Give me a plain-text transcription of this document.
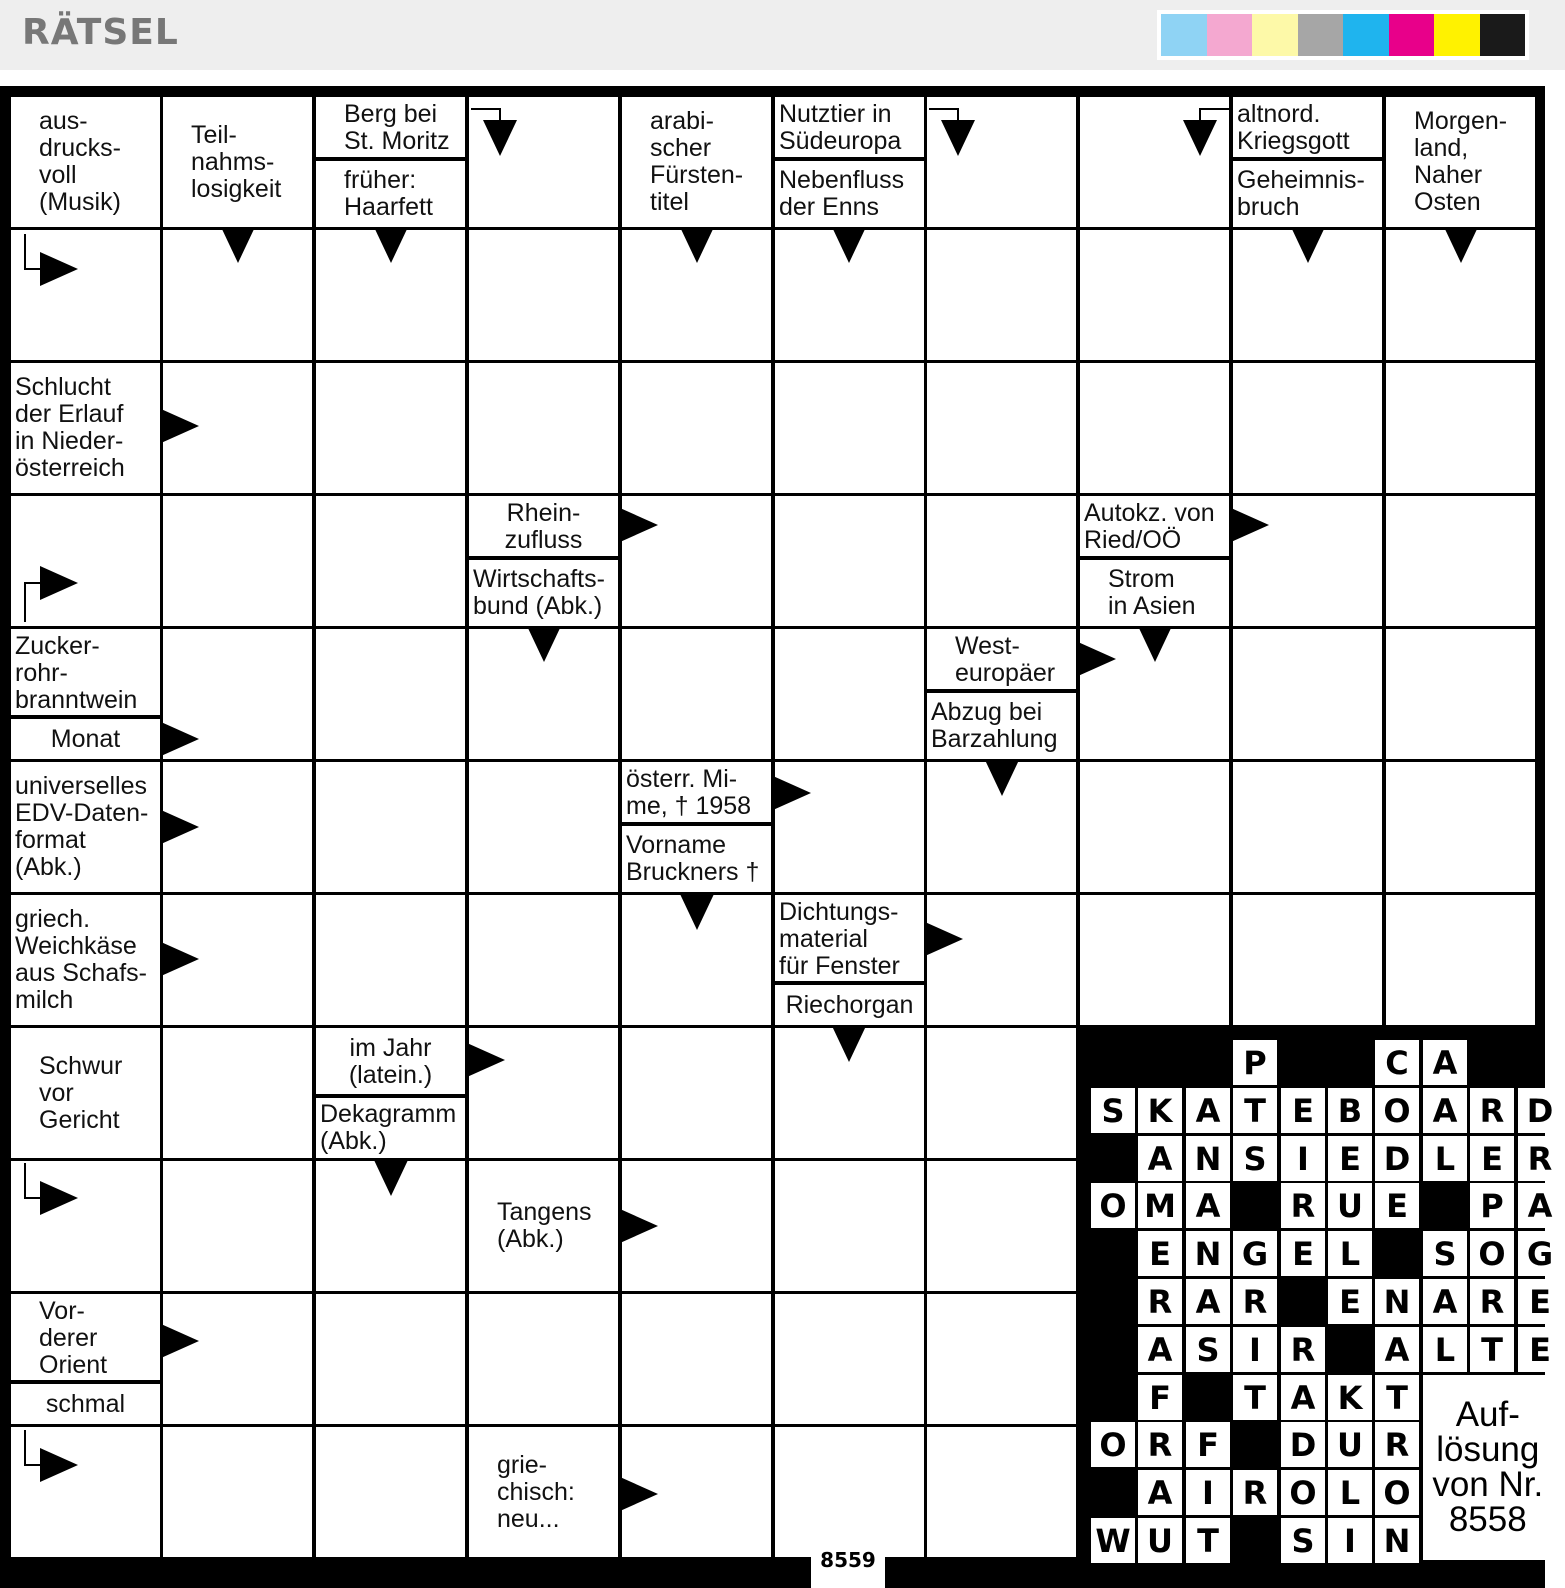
RÄTSEL
aus-
drucks-
voll
(Musik)
Teil-
nahms-
losigkeit
Berg bei
St. Moritz
früher:
Haarfett
arabi-
scher
Fürsten-
titel
Nutztier in
Südeuropa
Nebenfluss
der Enns
altnord.
Kriegsgott
Geheimnis-
bruch
Morgen-
land,
Naher
Osten
Schlucht
der Erlauf
in Nieder-
österreich
Rhein-
zufluss
Wirtschafts-
bund (Abk.)
Autokz. von
Ried/OÖ
Strom
in Asien
Zucker-
rohr-
branntwein
Monat
West-
europäer
Abzug bei
Barzahlung
universelles
EDV-Daten-
format
(Abk.)
österr. Mi-
me, † 1958
Vorname
Bruckners †
griech.
Weichkäse
aus Schafs-
milch
Dichtungs-
material
für Fenster
Riechorgan
Schwur
vor
Gericht
im Jahr
(latein.)
Dekagramm
(Abk.)
Tangens
(Abk.)
Vor-
derer
Orient
schmal
grie-
chisch:
neu...
P	C A
S K A T E B O A R D
A N S I E D L E R
O M A	R U E	P A
E N G E L	S O G
R A R	E N A R E
A S I R	A L T E
F	T A K T
O R F	D U R
A I R O L O
W U T	S I N
Auf-
lösung
von Nr.
8558
8559
